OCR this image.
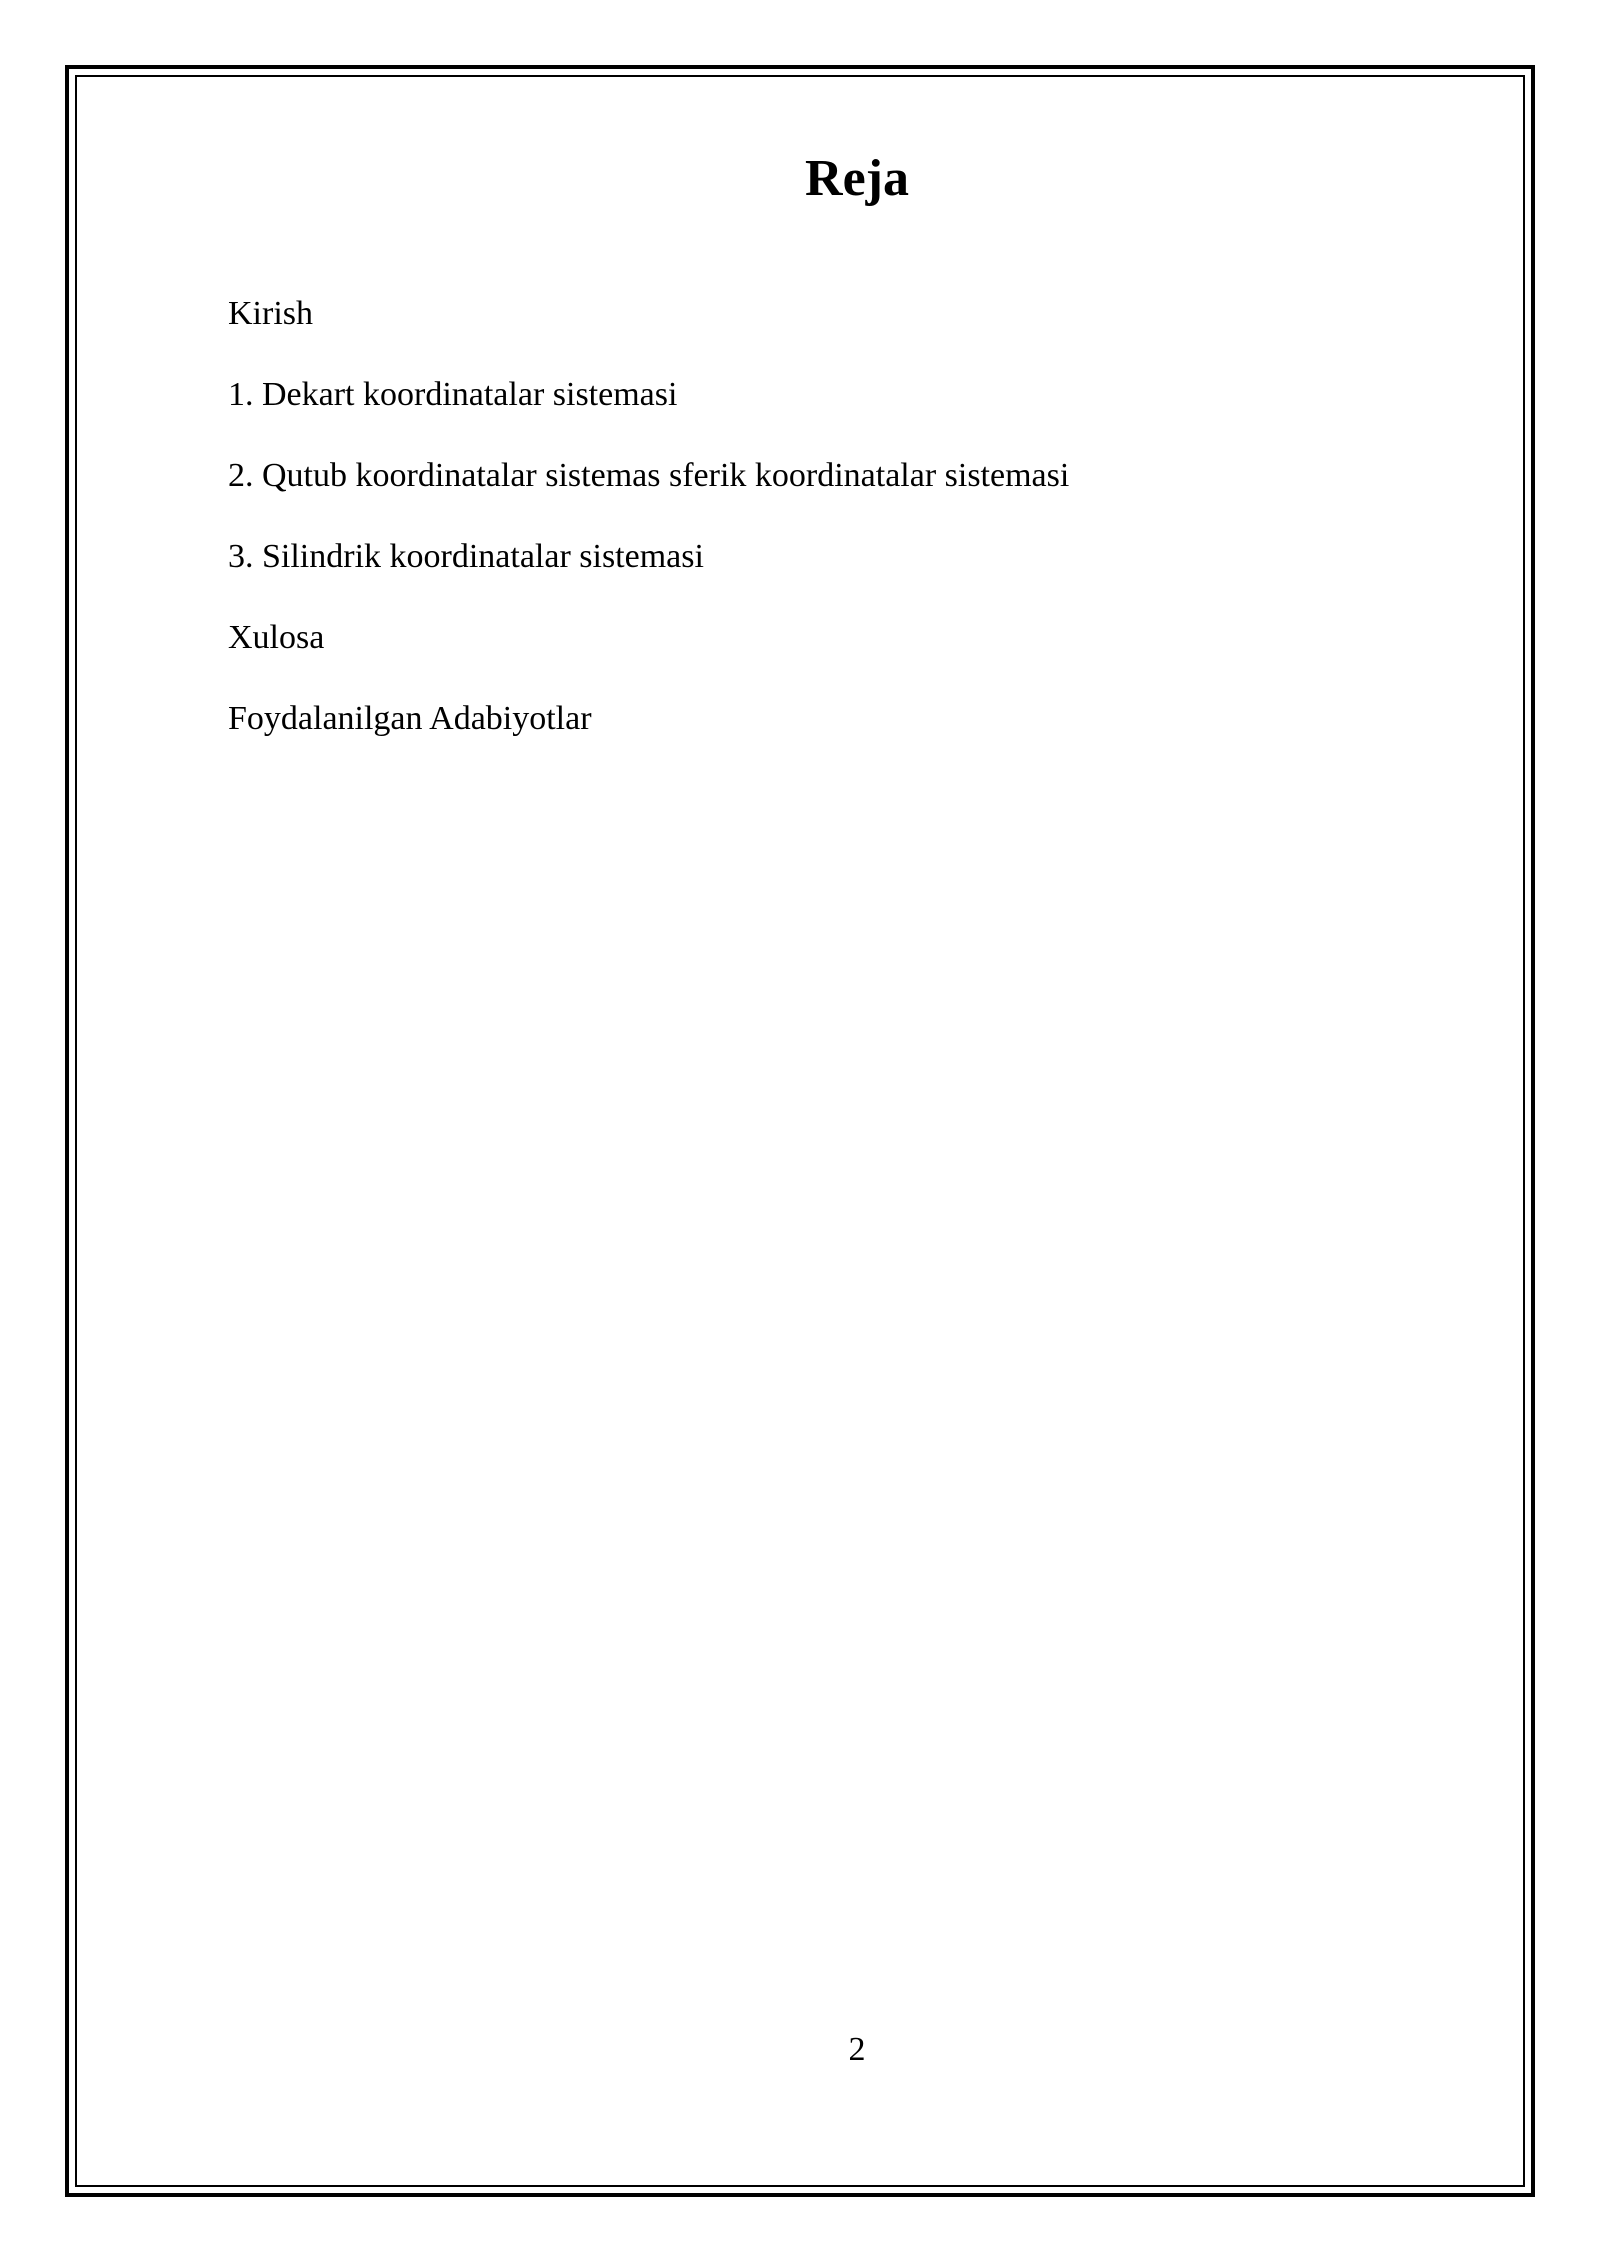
Reja
Kirish
1. Dekart koordinatalar sistemasi
2. Qutub koordinatalar sistemas sferik koordinatalar sistemasi
3. Silindrik koordinatalar sistemasi
Xulosa
Foydalanilgan Adabiyotlar
2
